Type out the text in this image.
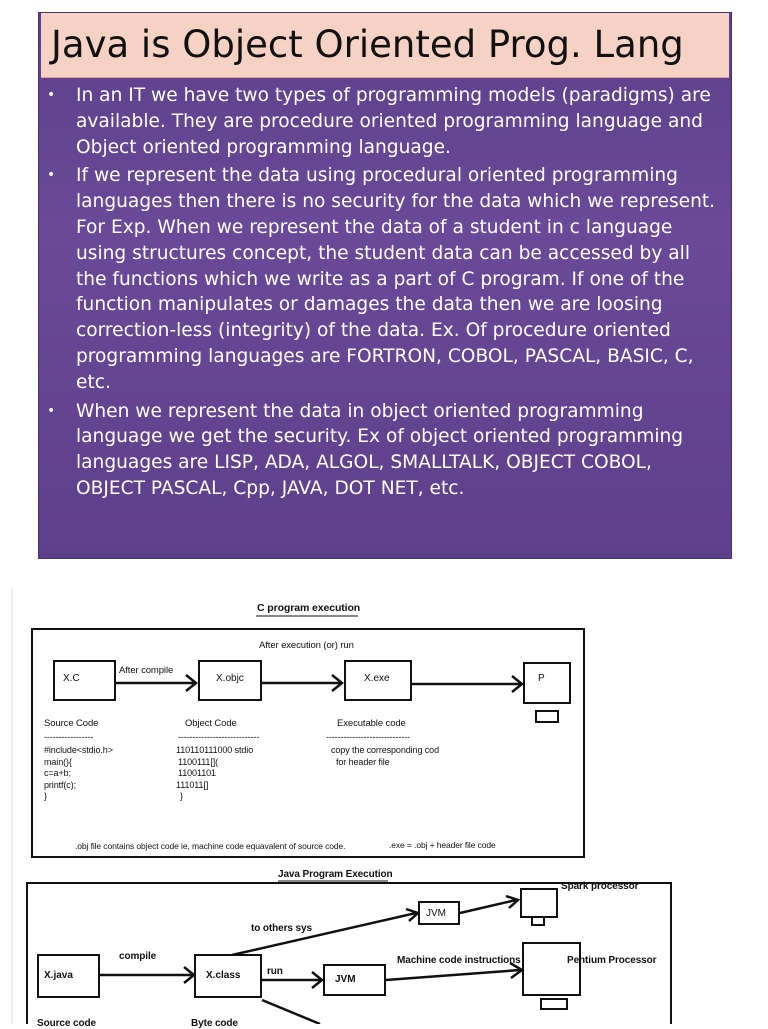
Java is Object Oriented Prog. Lang
• In an IT we have two types of programming models (paradigms) are available. They are procedure oriented programming language and Object oriented programming language.
• If we represent the data using procedural oriented programming languages then there is no security for the data which we represent. For Exp. When we represent the data of a student in c language using structures concept, the student data can be accessed by all the functions which we write as a part of C program. If one of the function manipulates or damages the data then we are loosing correction-less (integrity) of the data. Ex. Of procedure oriented programming languages are FORTRON, COBOL, PASCAL, BASIC, C, etc.
• When we represent the data in object oriented programming language we get the security. Ex of object oriented programming languages are LISP, ADA, ALGOL, SMALLTALK, OBJECT COBOL, OBJECT PASCAL, Cpp, JAVA, DOT NET, etc.
C program execution
After execution (or) run
After compile
X.C	X.objc	X.exe	P
Source Code	Object Code	Executable code
-----------------	----------------------------	-----------------------------
#include<stdio.h>
main(){
c=a+b;
printf(c);
}
110110111000 stdio
1100111[](
11001101
111011[]
}
copy the corresponding cod
for header file
.obj file contains object code ie, machine code equavalent of source code.	.exe = .obj + header file code
Java Program Execution
Spark processor
JVM
to others sys
compile	Machine code instructions	Pentium Processor
X.java	X.class	run
JVM
Source code	Byte code
